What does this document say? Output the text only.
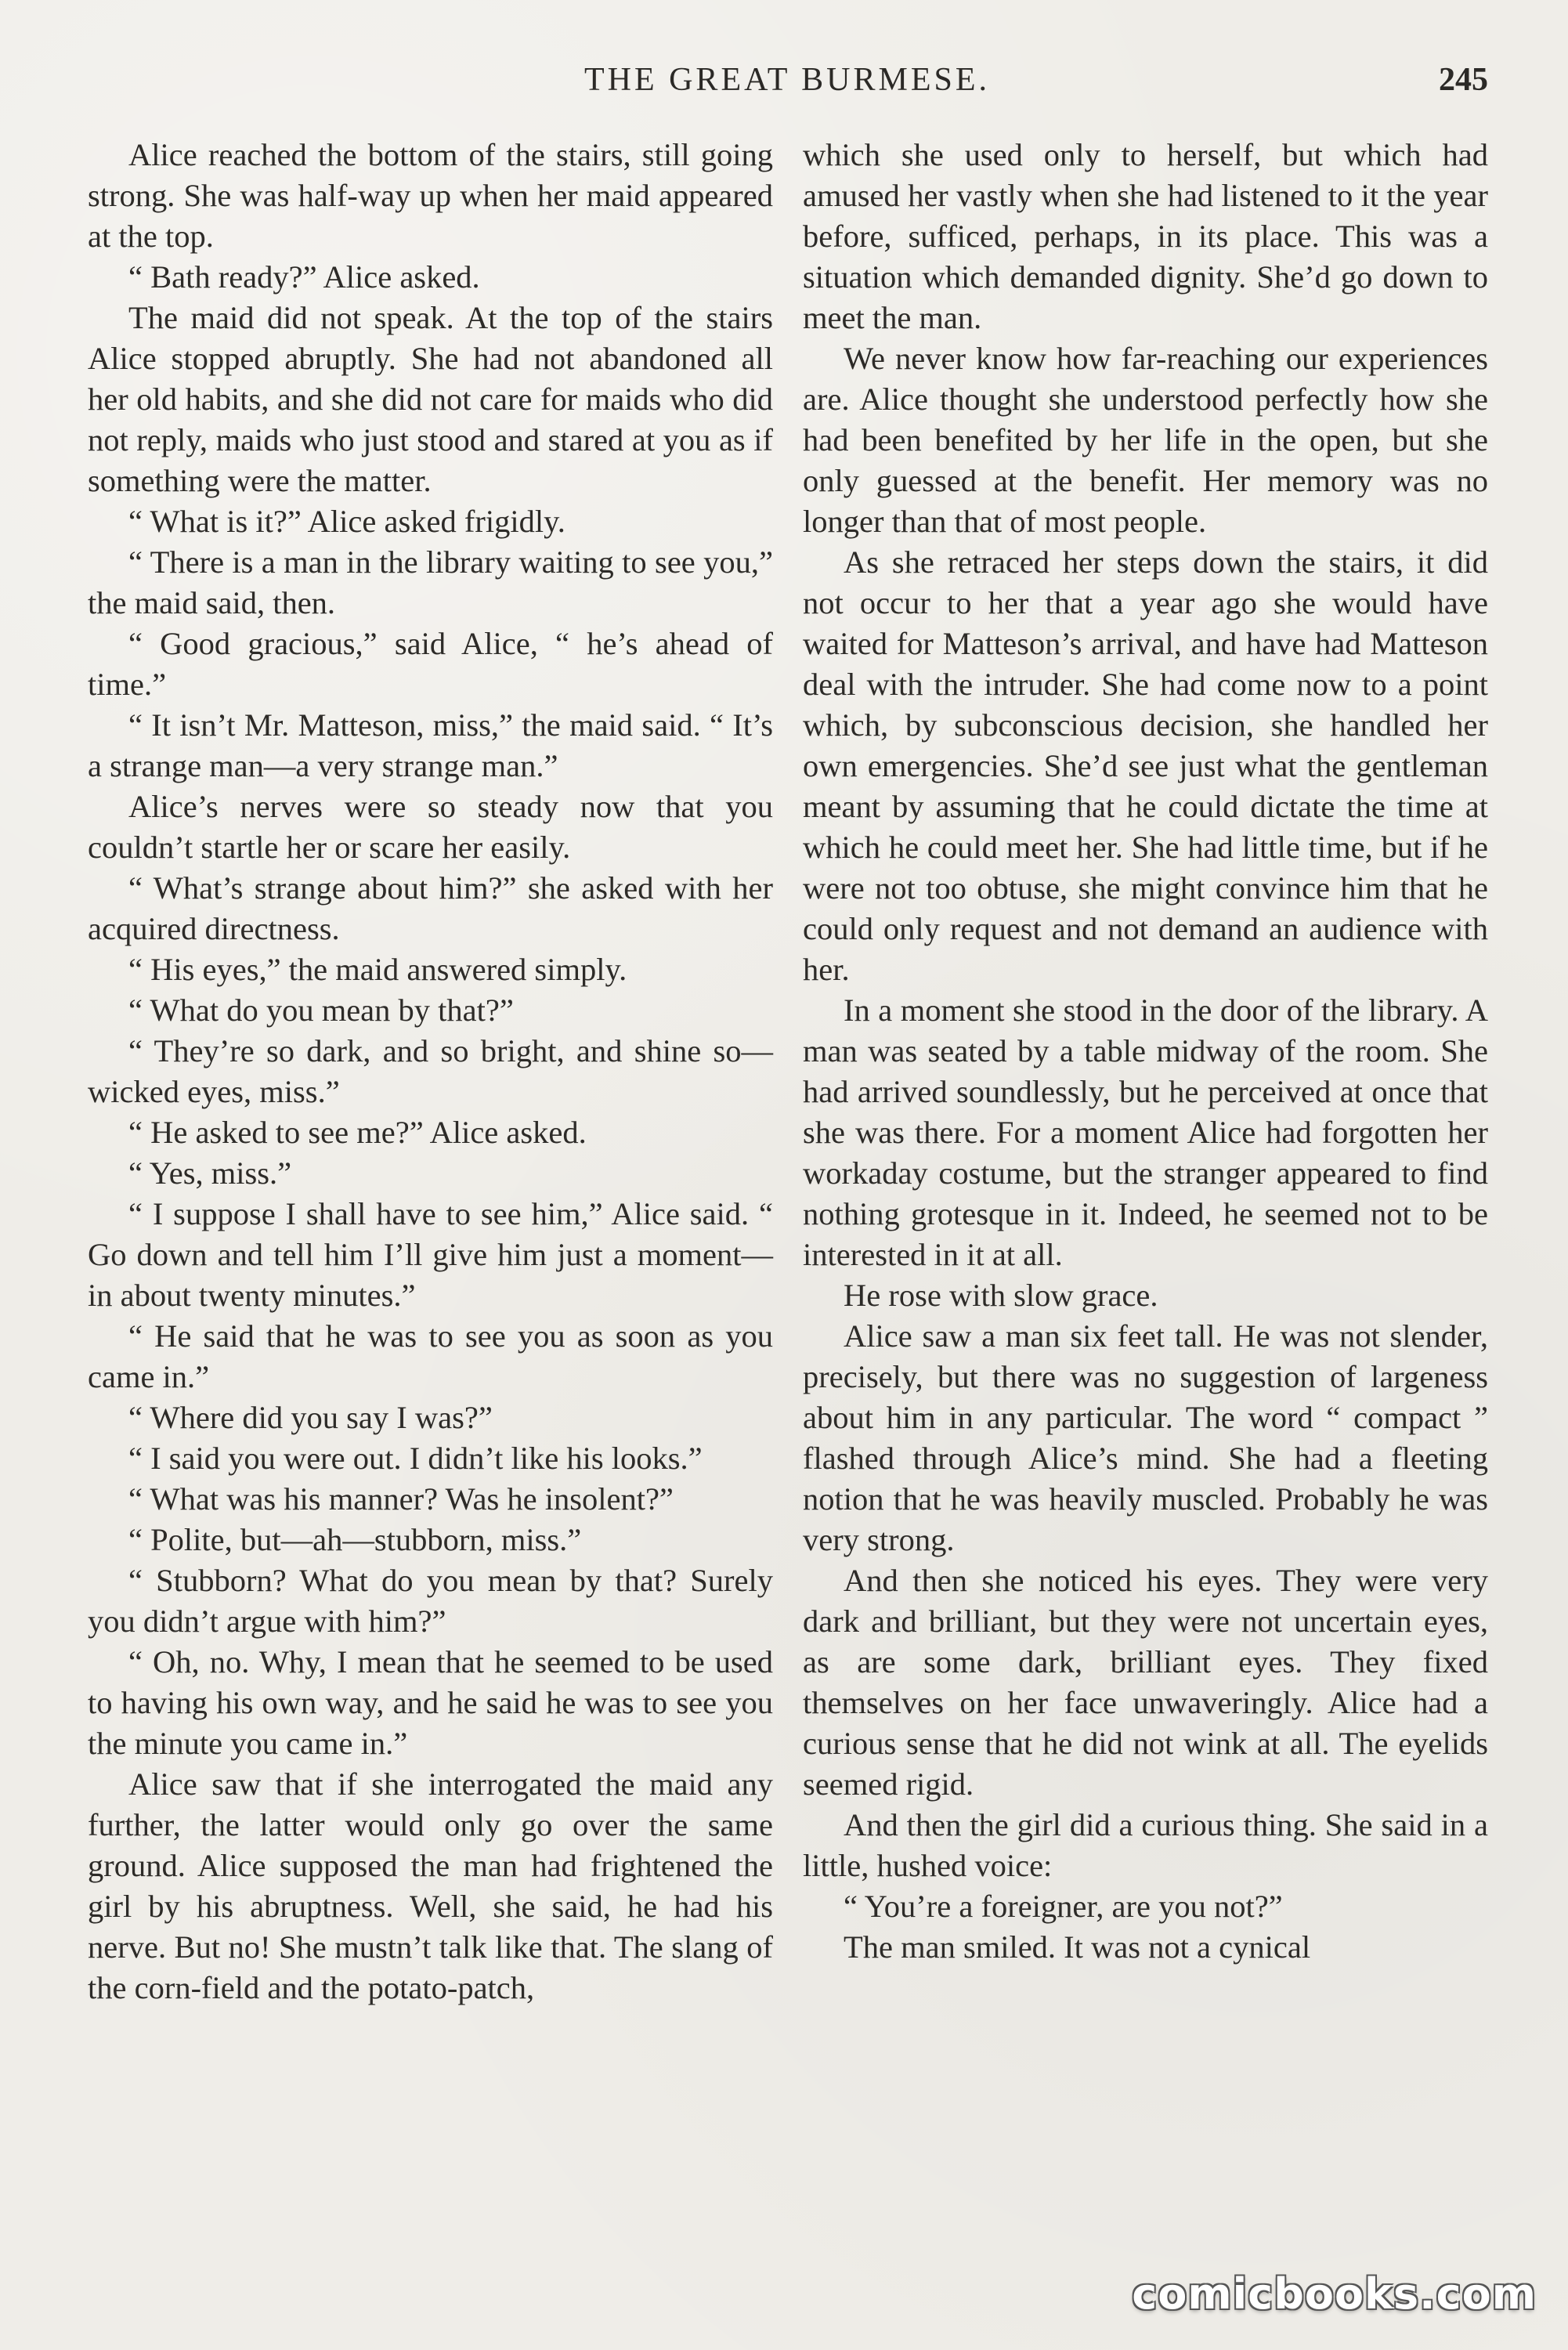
THE GREAT BURMESE.	245

Alice reached the bottom of the stairs, still going strong. She was half-way up when her maid appeared at the top.

“ Bath ready?” Alice asked.

The maid did not speak. At the top of the stairs Alice stopped abruptly. She had not abandoned all her old habits, and she did not care for maids who did not reply, maids who just stood and stared at you as if something were the matter.

“ What is it?” Alice asked frigidly.

“ There is a man in the library waiting to see you,” the maid said, then.

“ Good gracious,” said Alice, “ he’s ahead of time.”

“ It isn’t Mr. Matteson, miss,” the maid said. “ It’s a strange man—a very strange man.”

Alice’s nerves were so steady now that you couldn’t startle her or scare her easily.

“ What’s strange about him?” she asked with her acquired directness.

“ His eyes,” the maid answered simply.

“ What do you mean by that?”

“ They’re so dark, and so bright, and shine so—wicked eyes, miss.”

“ He asked to see me?” Alice asked.

“ Yes, miss.”

“ I suppose I shall have to see him,” Alice said. “ Go down and tell him I’ll give him just a moment—in about twenty minutes.”

“ He said that he was to see you as soon as you came in.”

“ Where did you say I was?”

“ I said you were out. I didn’t like his looks.”

“ What was his manner? Was he insolent?”

“ Polite, but—ah—stubborn, miss.”

“ Stubborn? What do you mean by that? Surely you didn’t argue with him?”

“ Oh, no. Why, I mean that he seemed to be used to having his own way, and he said he was to see you the minute you came in.”

Alice saw that if she interrogated the maid any further, the latter would only go over the same ground. Alice supposed the man had frightened the girl by his abruptness. Well, she said, he had his nerve. But no! She mustn’t talk like that. The slang of the corn-field and the potato-patch,

which she used only to herself, but which had amused her vastly when she had listened to it the year before, sufficed, perhaps, in its place. This was a situation which demanded dignity. She’d go down to meet the man.

We never know how far-reaching our experiences are. Alice thought she understood perfectly how she had been benefited by her life in the open, but she only guessed at the benefit. Her memory was no longer than that of most people.

As she retraced her steps down the stairs, it did not occur to her that a year ago she would have waited for Matteson’s arrival, and have had Matteson deal with the intruder. She had come now to a point which, by subconscious decision, she handled her own emergencies. She’d see just what the gentleman meant by assuming that he could dictate the time at which he could meet her. She had little time, but if he were not too obtuse, she might convince him that he could only request and not demand an audience with her.

In a moment she stood in the door of the library. A man was seated by a table midway of the room. She had arrived soundlessly, but he perceived at once that she was there. For a moment Alice had forgotten her workaday costume, but the stranger appeared to find nothing grotesque in it. Indeed, he seemed not to be interested in it at all.

He rose with slow grace.

Alice saw a man six feet tall. He was not slender, precisely, but there was no suggestion of largeness about him in any particular. The word “ compact ” flashed through Alice’s mind. She had a fleeting notion that he was heavily muscled. Probably he was very strong.

And then she noticed his eyes. They were very dark and brilliant, but they were not uncertain eyes, as are some dark, brilliant eyes. They fixed themselves on her face unwaveringly. Alice had a curious sense that he did not wink at all. The eyelids seemed rigid.

And then the girl did a curious thing. She said in a little, hushed voice:

“ You’re a foreigner, are you not?”

The man smiled. It was not a cynical

comicbooks.com
